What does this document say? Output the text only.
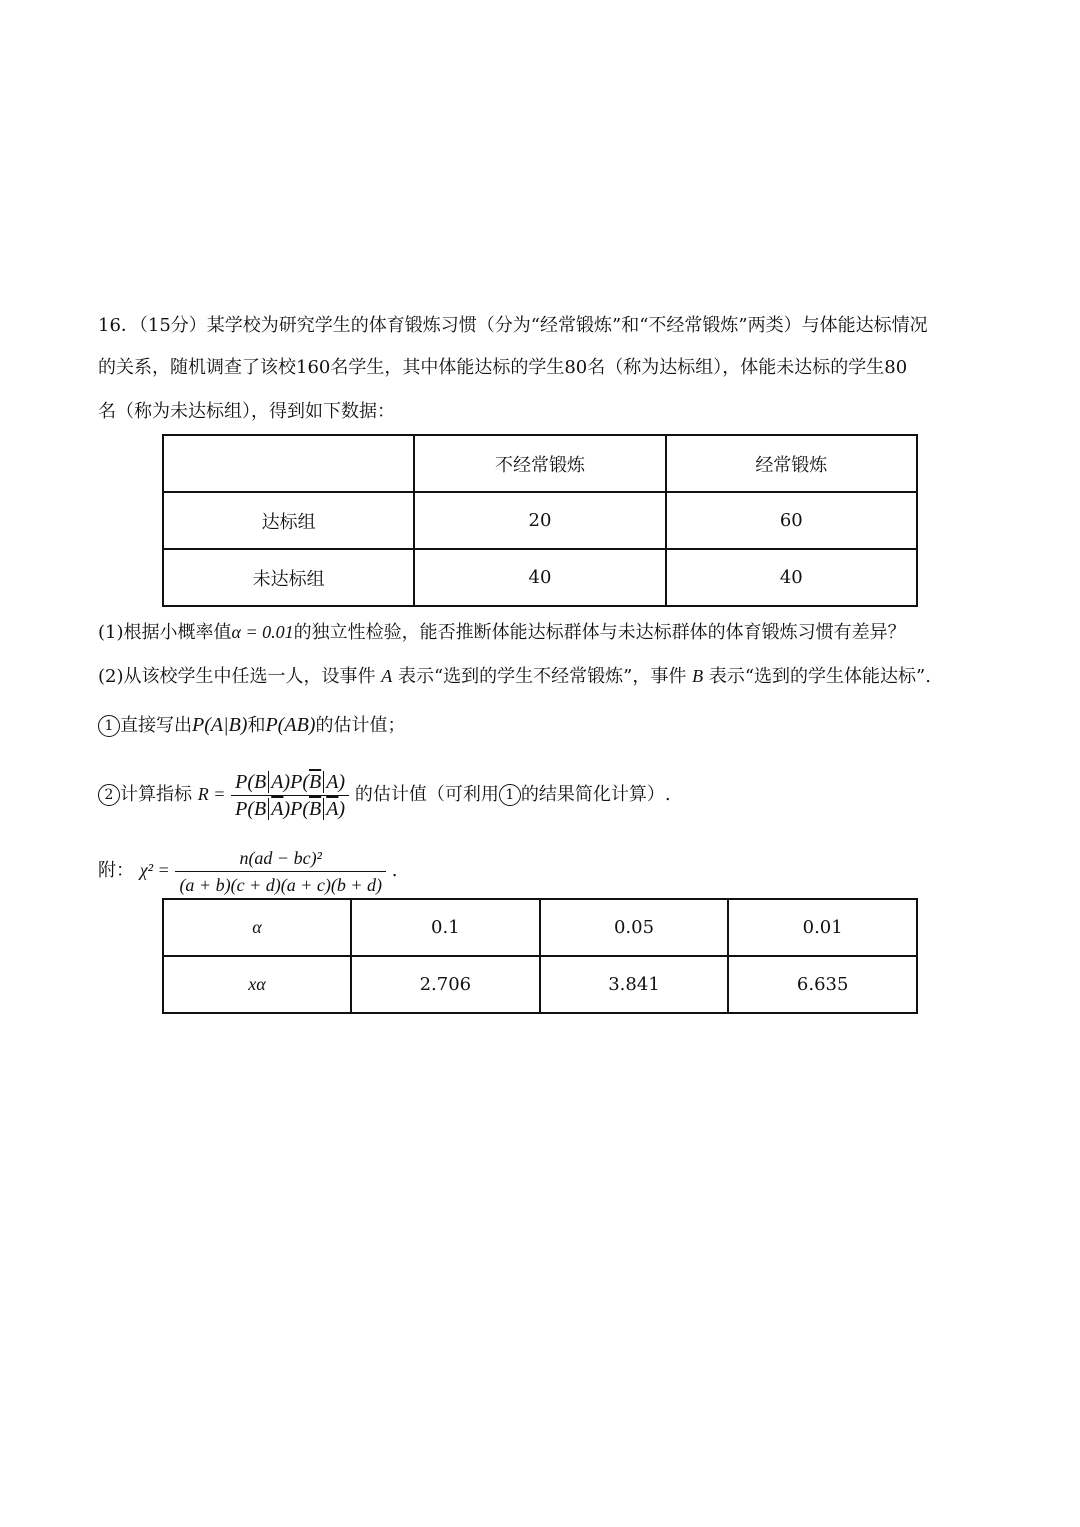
16．（15分）某学校为研究学生的体育锻炼习惯（分为“经常锻炼”和“不经常锻炼”两类）与体能达标情况
的关系，随机调查了该校160名学生，其中体能达标的学生80名（称为达标组），体能未达标的学生80
名（称为未达标组），得到如下数据：
	不经常锻炼	经常锻炼
达标组	20	60
未达标组	40	40
(1)根据小概率值α = 0.01的独立性检验，能否推断体能达标群体与未达标群体的体育锻炼习惯有差异？
(2)从该校学生中任选一人，设事件 A 表示“选到的学生不经常锻炼”，事件 B 表示“选到的学生体能达标”.
1 直接写出P(A|B)和P(AB)的估计值；
2 计算指标 $R = \frac{P(B A)P(\overline{B} A)}{P(B \overline{A})P(\overline{B} \overline{A})}$ 的估计值（可利用 1 的结果简化计算）.
附： $\chi^2 = \frac{\text{n(ad − bc)²}}{(a + b)(c + d)(a + c)(b + d)}$ .
α	0.1	0.05	0.01
xα	2.706	3.841	6.635
